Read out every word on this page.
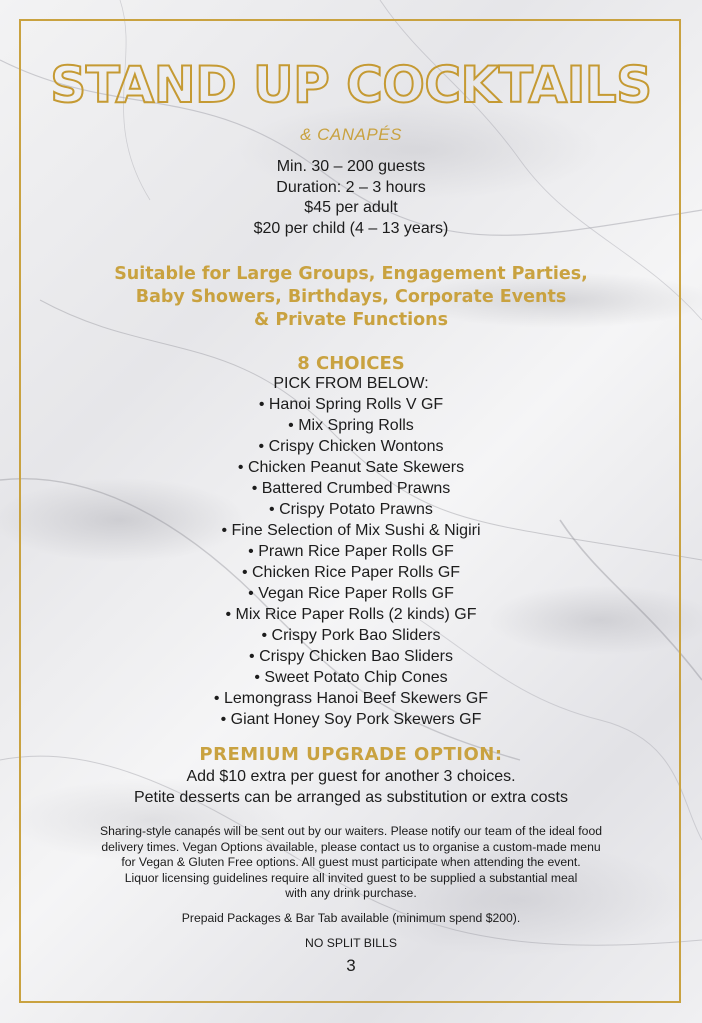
STAND UP COCKTAILS
& CANAPÉS
Min. 30 – 200 guests
Duration: 2 – 3 hours
$45 per adult
$20 per child (4 – 13 years)
Suitable for Large Groups, Engagement Parties,
Baby Showers, Birthdays, Corporate Events
& Private Functions
8 CHOICES
PICK FROM BELOW:
• Hanoi Spring Rolls V GF
• Mix Spring Rolls
• Crispy Chicken Wontons
• Chicken Peanut Sate Skewers
• Battered Crumbed Prawns
• Crispy Potato Prawns
• Fine Selection of Mix Sushi & Nigiri
• Prawn Rice Paper Rolls GF
• Chicken Rice Paper Rolls GF
• Vegan Rice Paper Rolls GF
• Mix Rice Paper Rolls (2 kinds) GF
• Crispy Pork Bao Sliders
• Crispy Chicken Bao Sliders
• Sweet Potato Chip Cones
• Lemongrass Hanoi Beef Skewers GF
• Giant Honey Soy Pork Skewers GF
PREMIUM UPGRADE OPTION:
Add $10 extra per guest for another 3 choices.
Petite desserts can be arranged as substitution or extra costs

Sharing-style canapés will be sent out by our waiters. Please notify our team of the ideal food

delivery times. Vegan Options available, please contact us to organise a custom-made menu

for Vegan & Gluten Free options. All guest must participate when attending the event.

Liquor licensing guidelines require all invited guest to be supplied a substantial meal

with any drink purchase.

Prepaid Packages & Bar Tab available (minimum spend $200).
NO SPLIT BILLS
3
